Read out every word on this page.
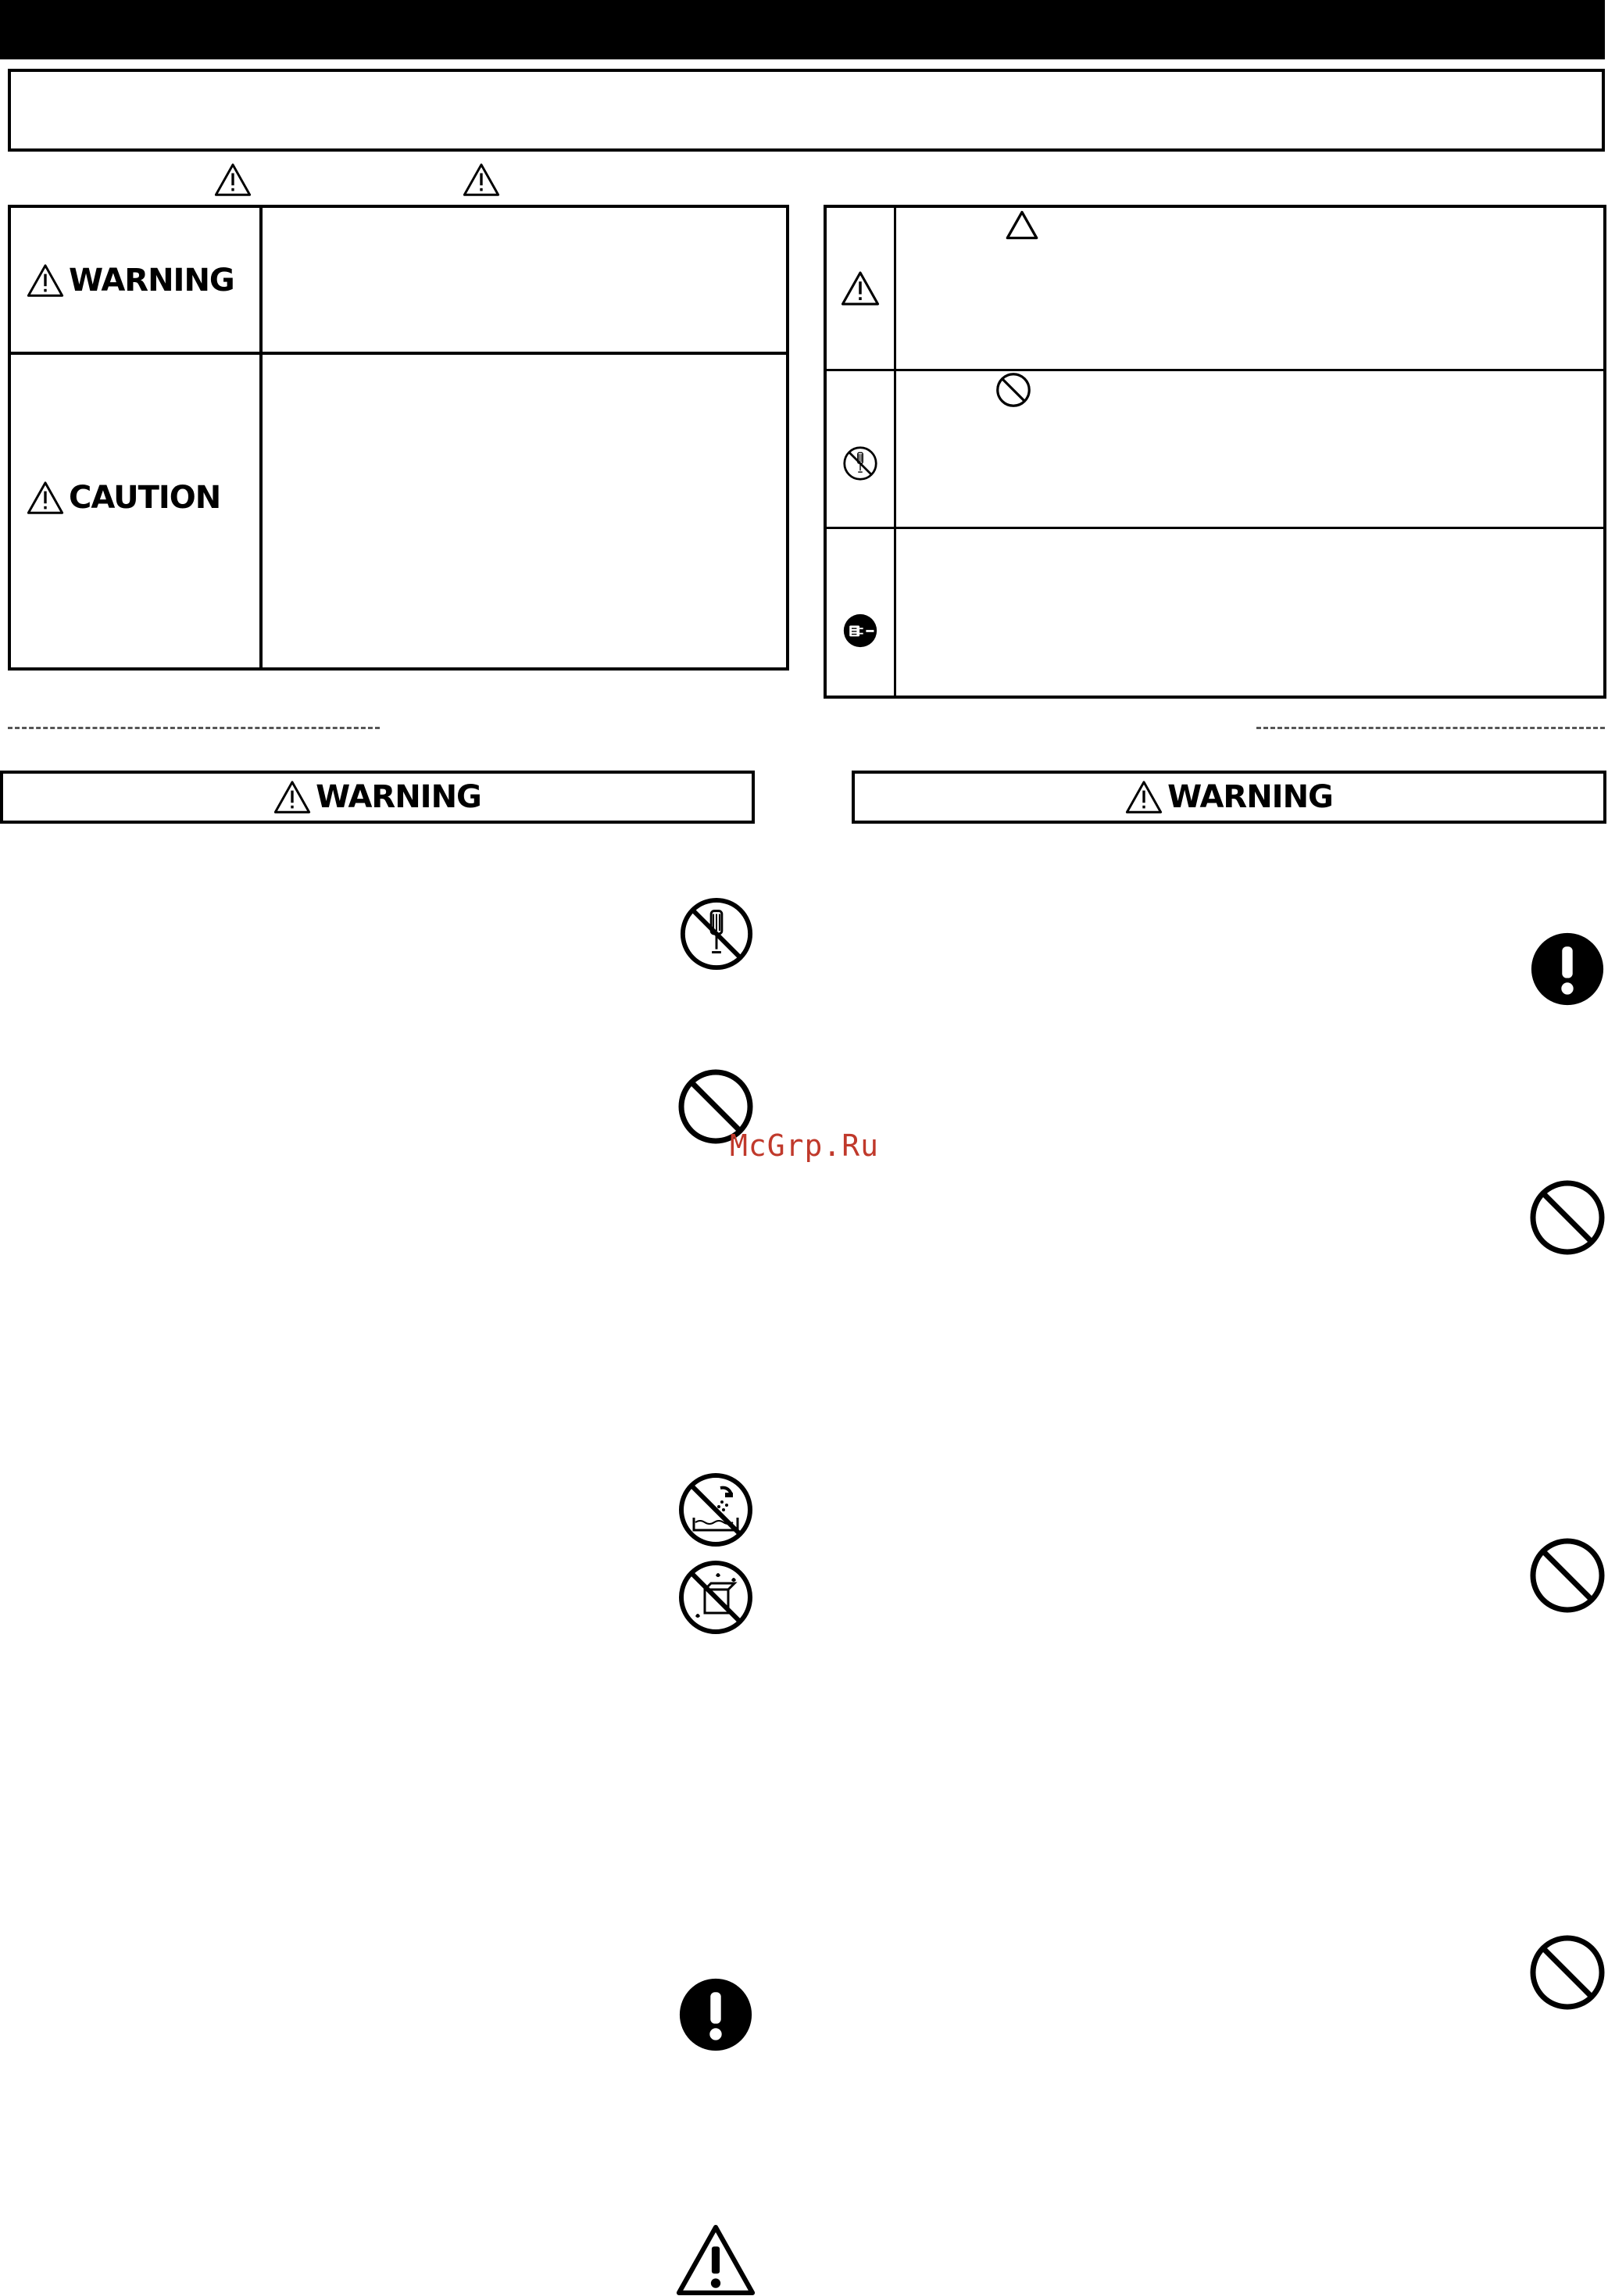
WARNING
CAUTION
WARNING	WARNING
McGrp.Ru
